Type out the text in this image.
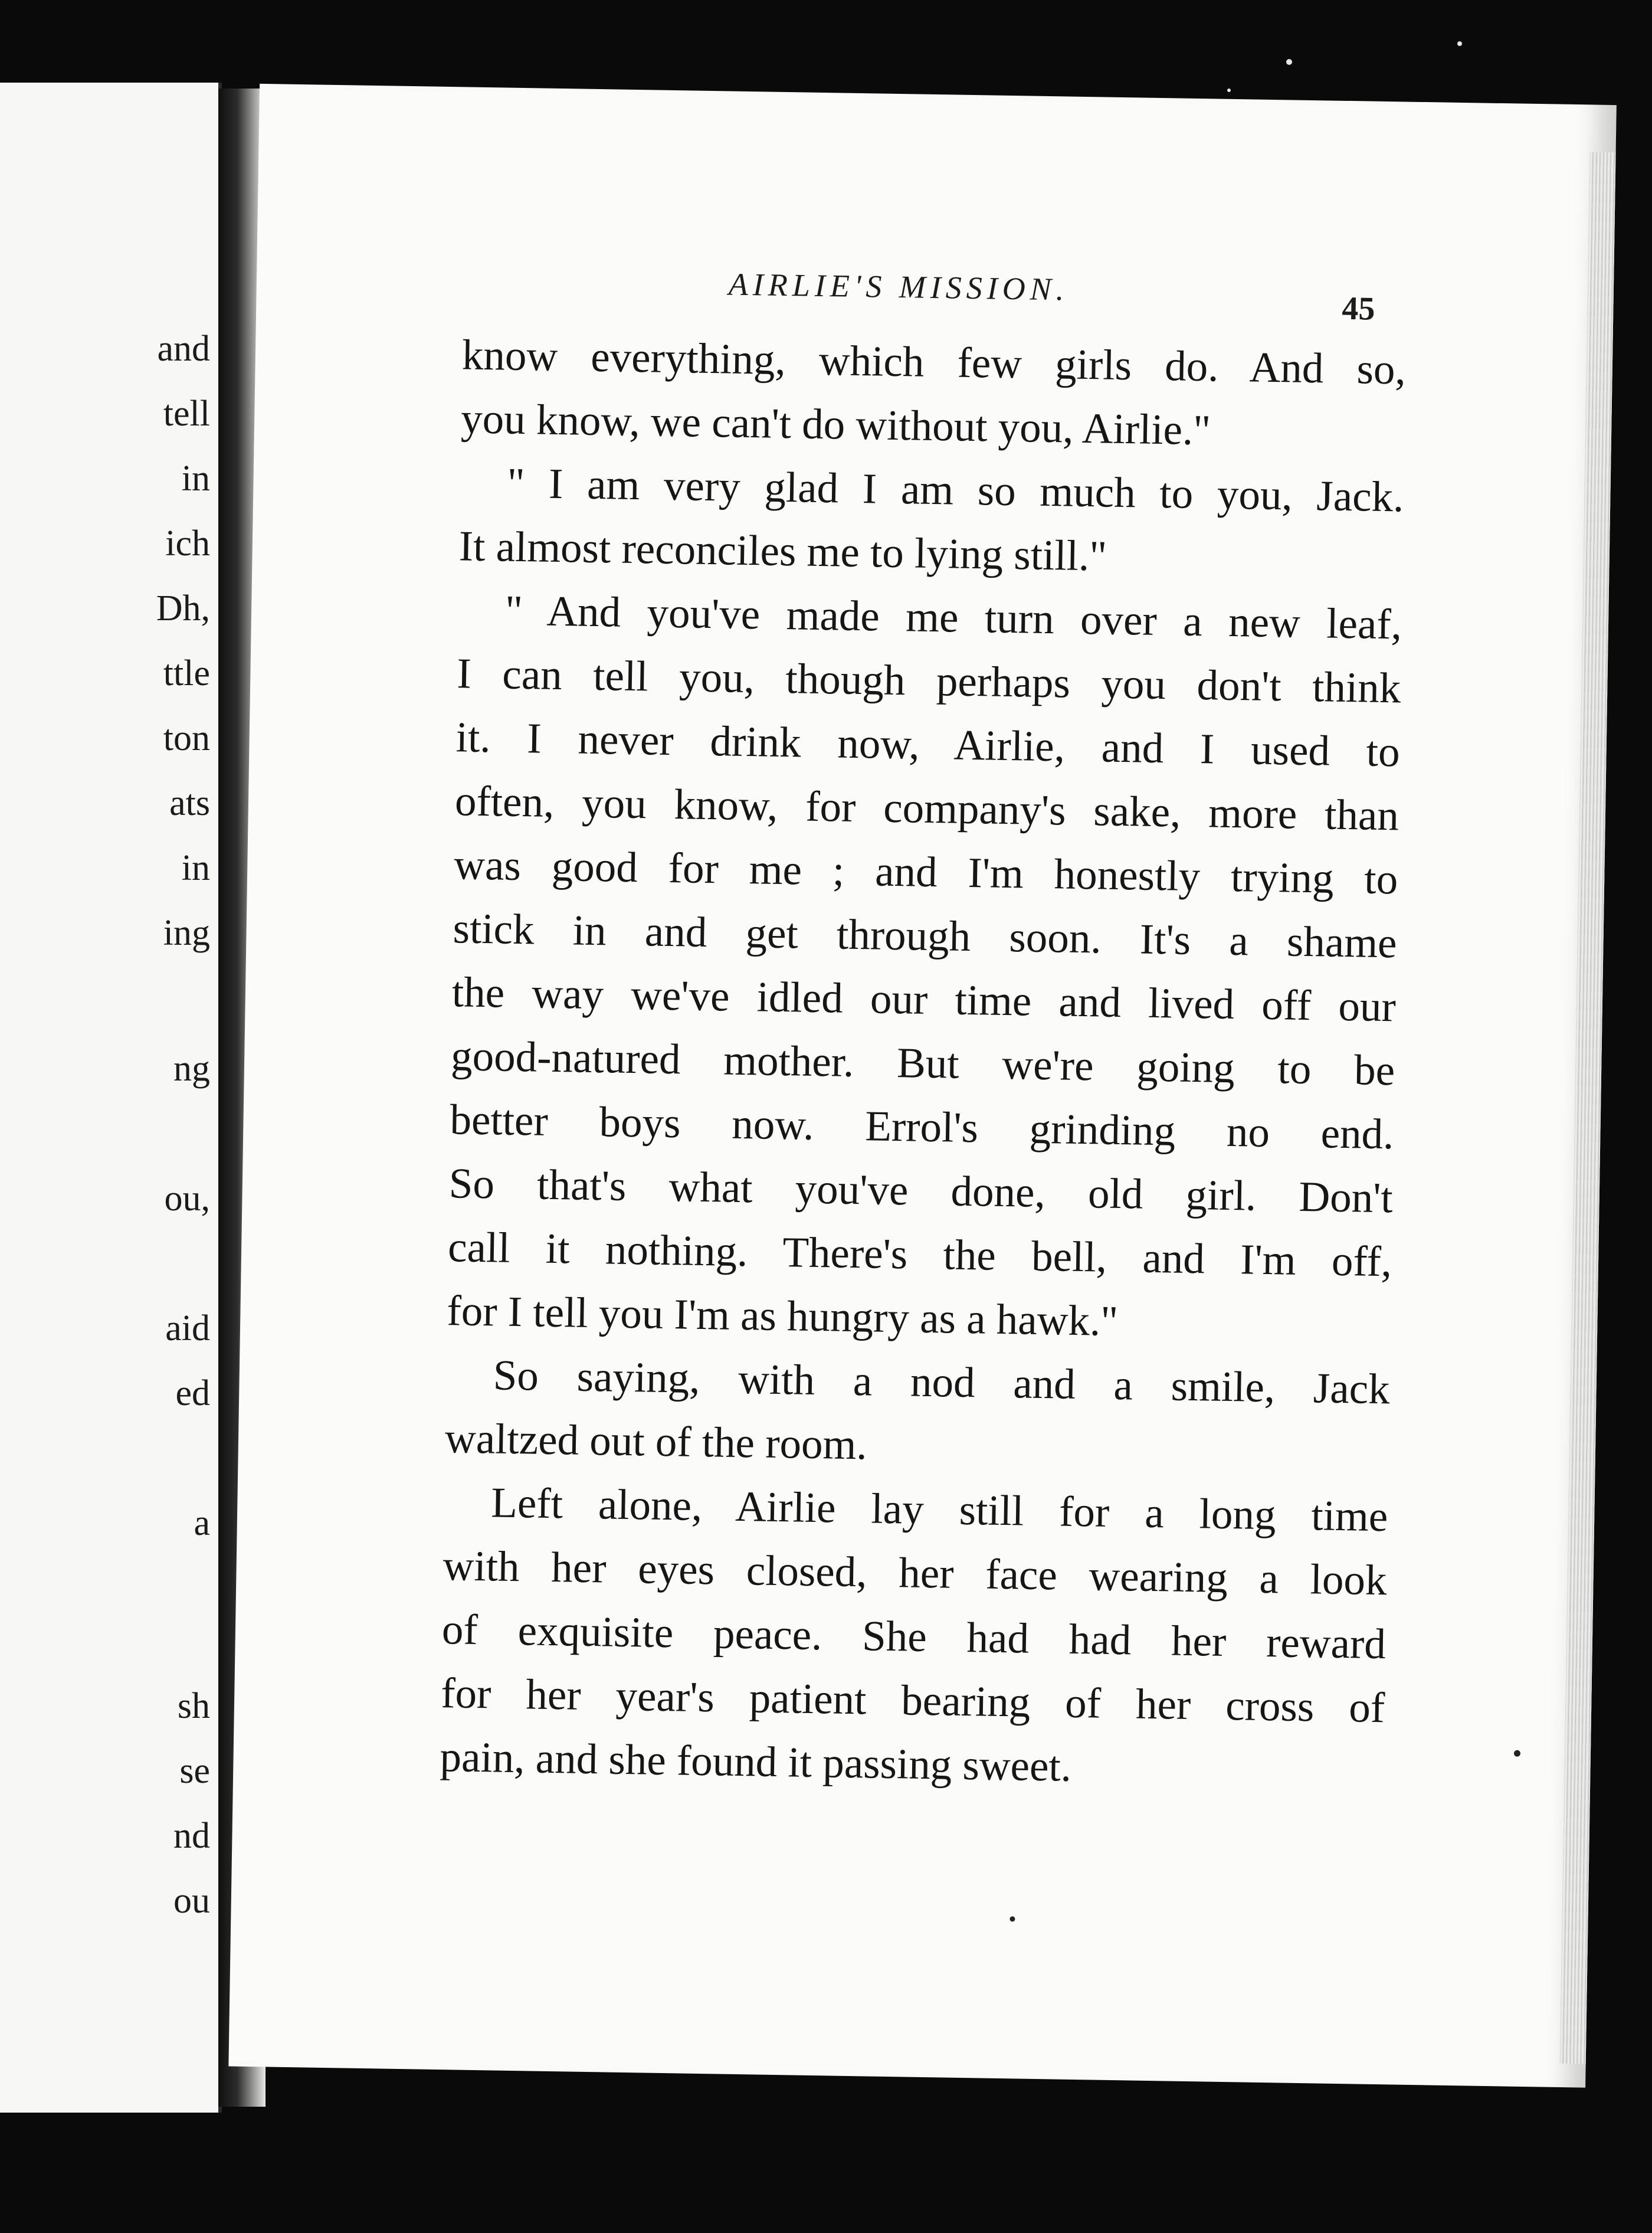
and
tell
in
ich
Dh,
ttle
ton
ats
in
ing
ng
ou,
aid
ed
a
sh
se
nd
ou
AIRLIE'S MISSION.
45
know everything, which few girls do. And so,
you know, we can't do without you, Airlie."
" I am very glad I am so much to you, Jack.
It almost reconciles me to lying still."
" And you've made me turn over a new leaf,
I can tell you, though perhaps you don't think
it. I never drink now, Airlie, and I used to
often, you know, for company's sake, more than
was good for me ; and I'm honestly trying to
stick in and get through soon. It's a shame
the way we've idled our time and lived off our
good-natured mother. But we're going to be
better boys now. Errol's grinding no end.
So that's what you've done, old girl. Don't
call it nothing. There's the bell, and I'm off,
for I tell you I'm as hungry as a hawk."
So saying, with a nod and a smile, Jack
waltzed out of the room.
Left alone, Airlie lay still for a long time
with her eyes closed, her face wearing a look
of exquisite peace. She had had her reward
for her year's patient bearing of her cross of
pain, and she found it passing sweet.
